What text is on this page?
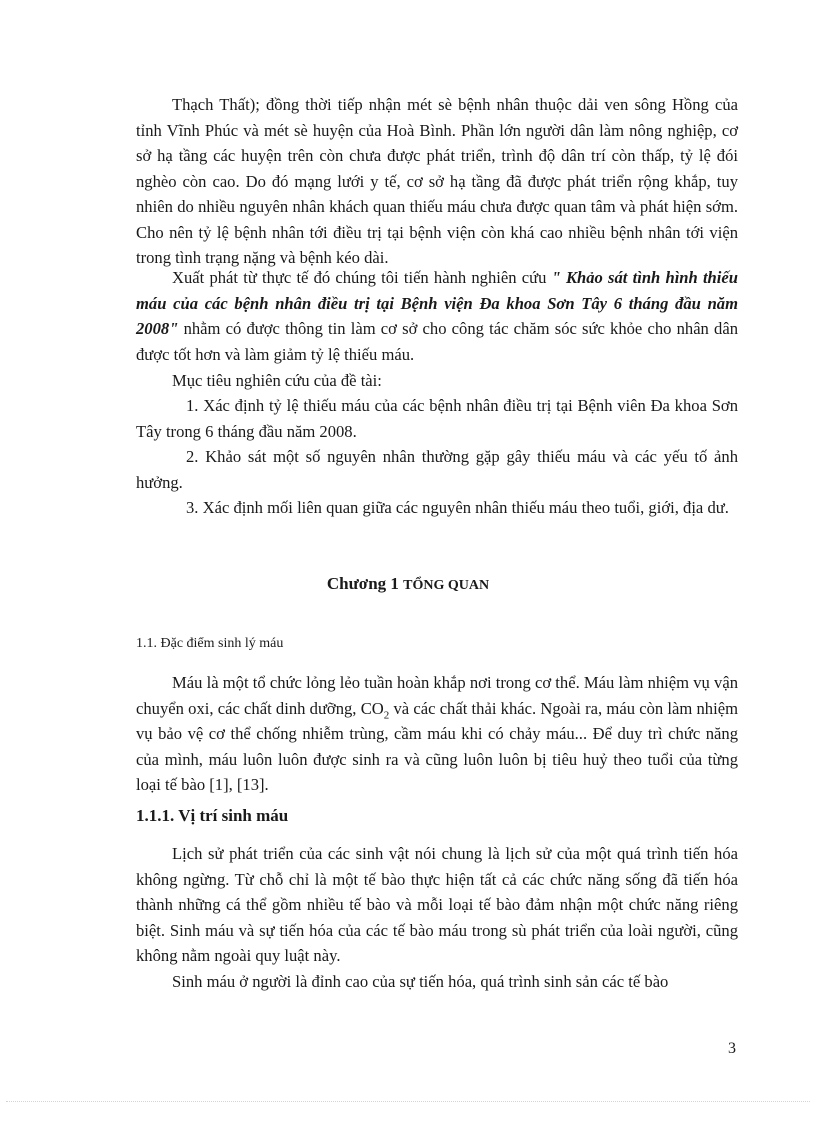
Thạch Thất); đồng thời tiếp nhận mét sè bệnh nhân thuộc dải ven sông Hồng của tỉnh Vĩnh Phúc và mét sè huyện của Hoà Bình. Phần lớn người dân làm nông nghiệp, cơ sở hạ tầng các huyện trên còn chưa được phát triển, trình độ dân trí còn thấp, tỷ lệ đói nghèo còn cao. Do đó mạng lưới y tế, cơ sở hạ tầng đã được phát triển rộng khắp, tuy nhiên do nhiều nguyên nhân khách quan thiếu máu chưa được quan tâm và phát hiện sớm. Cho nên tỷ lệ bệnh nhân tới điều trị tại bệnh viện còn khá cao nhiều bệnh nhân tới viện trong tình trạng nặng và bệnh kéo dài.

Xuất phát từ thực tế đó chúng tôi tiến hành nghiên cứu " Khảo sát tình hình thiếu máu của các bệnh nhân điều trị tại Bệnh viện Đa khoa Sơn Tây 6 tháng đầu năm 2008" nhằm có được thông tin làm cơ sở cho công tác chăm sóc sức khỏe cho nhân dân được tốt hơn và làm giảm tỷ lệ thiếu máu.

Mục tiêu nghiên cứu của đề tài:

1. Xác định tỷ lệ thiếu máu của các bệnh nhân điều trị tại Bệnh viên Đa khoa Sơn Tây trong 6 tháng đầu năm 2008.

2. Khảo sát một số nguyên nhân thường gặp gây thiếu máu và các yếu tố ảnh hưởng.

3. Xác định mối liên quan giữa các nguyên nhân thiếu máu theo tuổi, giới, địa dư.

Chương 1 TỔNG QUAN

1.1. Đặc điểm sinh lý máu

Máu là một tổ chức lỏng lẻo tuần hoàn khắp nơi trong cơ thể. Máu làm nhiệm vụ vận chuyển oxi, các chất dinh dưỡng, $CO_2$ và các chất thải khác. Ngoài ra, máu còn làm nhiệm vụ bảo vệ cơ thể chống nhiễm trùng, cầm máu khi có chảy máu... Để duy trì chức năng của mình, máu luôn luôn được sinh ra và cũng luôn luôn bị tiêu huỷ theo tuổi của từng loại tế bào [1], [13].

1.1.1. Vị trí sinh máu

Lịch sử phát triển của các sinh vật nói chung là lịch sử của một quá trình tiến hóa không ngừng. Từ chỗ chỉ là một tế bào thực hiện tất cả các chức năng sống đã tiến hóa thành những cá thể gồm nhiều tế bào và mỗi loại tế bào đảm nhận một chức năng riêng biệt. Sinh máu và sự tiến hóa của các tế bào máu trong sù phát triển của loài người, cũng không nằm ngoài quy luật này.

Sinh máu ở người là đỉnh cao của sự tiến hóa, quá trình sinh sản các tế bào

3
